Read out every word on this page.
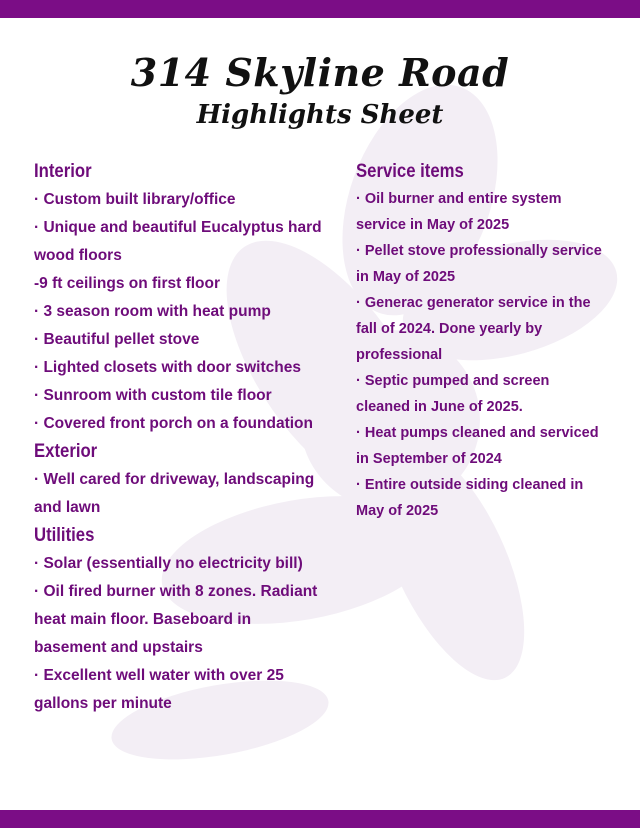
314 Skyline Road
Highlights Sheet
Interior
· Custom built library/office
· Unique and beautiful Eucalyptus hard wood floors
-9 ft ceilings on first floor
· 3 season room with heat pump
· Beautiful pellet stove
· Lighted closets with door switches
· Sunroom with custom tile floor
· Covered front porch on a foundation
Exterior
· Well cared for driveway, landscaping and lawn
Utilities
· Solar (essentially no electricity bill)
· Oil fired burner with 8 zones. Radiant heat main floor. Baseboard in basement and upstairs
· Excellent well water with over 25 gallons per minute
Service items
· Oil burner and entire system service in May of 2025
· Pellet stove professionally service in May of 2025
· Generac generator service in the fall of 2024. Done yearly by professional
· Septic pumped and screen cleaned in June of 2025.
· Heat pumps cleaned and serviced in September of 2024
· Entire outside siding cleaned in May of 2025
